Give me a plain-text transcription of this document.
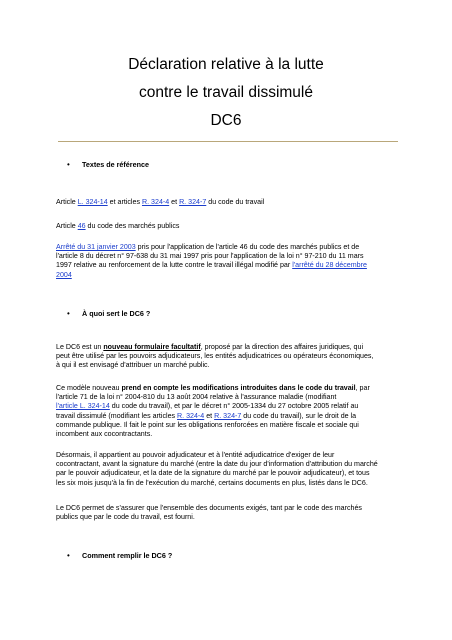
Déclaration relative à la lutte
contre le travail dissimulé
DC6
• Textes de référence
Article L. 324-14 et articles R. 324-4 et R. 324-7 du code du travail
Article 46 du code des marchés publics
Arrêté du 31 janvier 2003 pris pour l'application de l'article 46 du code des marchés publics et de
l'article 8 du décret n° 97-638 du 31 mai 1997 pris pour l'application de la loi n° 97-210 du 11 mars
1997 relative au renforcement de la lutte contre le travail illégal modifié par l'arrêté du 28 décembre
2004
• À quoi sert le DC6 ?
Le DC6 est un nouveau formulaire facultatif, proposé par la direction des affaires juridiques, qui
peut être utilisé par les pouvoirs adjudicateurs, les entités adjudicatrices ou opérateurs économiques,
à qui il est envisagé d'attribuer un marché public.
Ce modèle nouveau prend en compte les modifications introduites dans le code du travail, par
l'article 71 de la loi n° 2004-810 du 13 août 2004 relative à l'assurance maladie (modifiant
l'article L. 324-14 du code du travail), et par le décret n° 2005-1334 du 27 octobre 2005 relatif au
travail dissimulé (modifiant les articles R. 324-4 et R. 324-7 du code du travail), sur le droit de la
commande publique. Il fait le point sur les obligations renforcées en matière fiscale et sociale qui
incombent aux cocontractants.
Désormais, il appartient au pouvoir adjudicateur et à l'entité adjudicatrice d'exiger de leur
cocontractant, avant la signature du marché (entre la date du jour d'information d'attribution du marché
par le pouvoir adjudicateur, et la date de la signature du marché par le pouvoir adjudicateur), et tous
les six mois jusqu'à la fin de l'exécution du marché, certains documents en plus, listés dans le DC6.
Le DC6 permet de s'assurer que l'ensemble des documents exigés, tant par le code des marchés
publics que par le code du travail, est fourni.
• Comment remplir le DC6 ?
